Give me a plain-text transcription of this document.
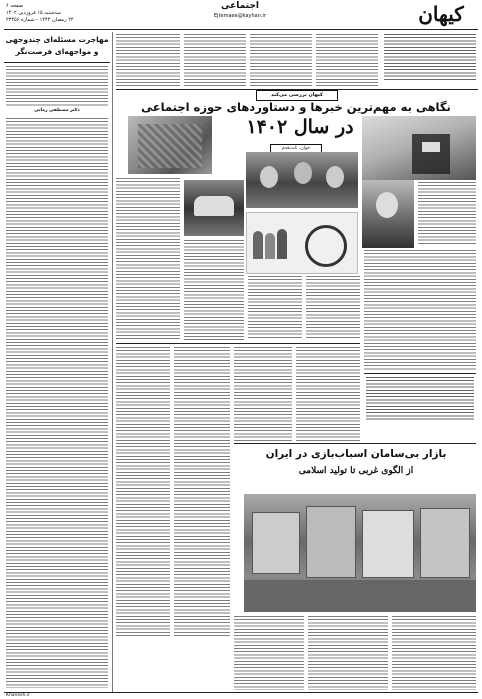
کیهان
اجتماعی
Ejtemaee@kayhan.ir
صفحه ۶
سه‌شنبه ۱۵ فروردین ۱۴۰۲
۲۴ رمضان ۱۴۴۴ - شماره ۲۳۴۵۶
مهاجرت مسئله‌ای چندوجهی
و مواجهه‌ای فرصت‌نگر
دکتر مصطفی زمانی
کیهان بررسی می‌کند
نگاهی به مهم‌ترین خبرها و دستاوردهای حوزه اجتماعی
در سال ۱۴۰۲
جوان، ثابت‌قدم
بازار بی‌سامان اسباب‌بازی در ایران
از الگوی غربی تا تولید اسلامی
Khanesh.ir
